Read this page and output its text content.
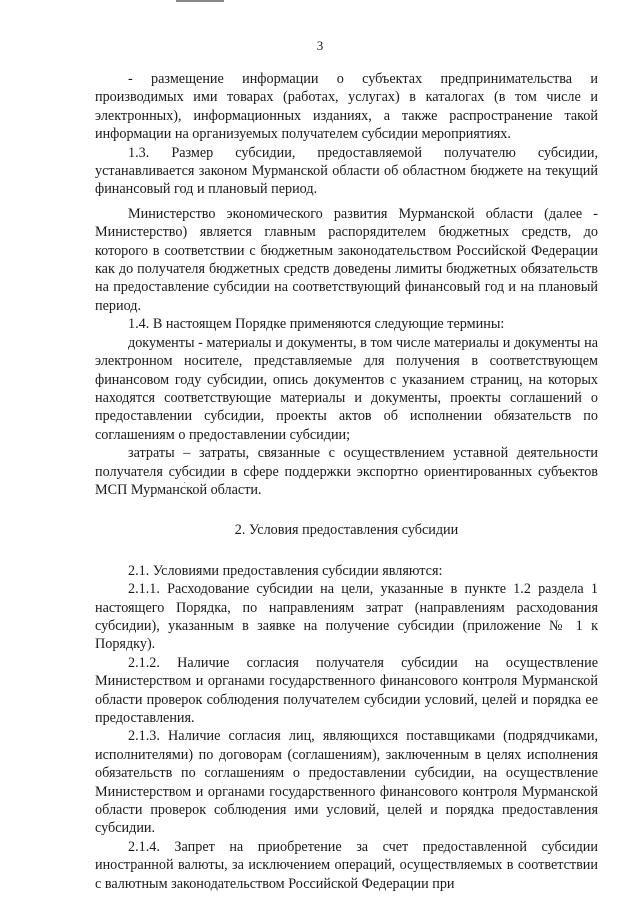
3

- размещение информации о субъектах предпринимательства и производимых ими товарах (работах, услугах) в каталогах (в том числе и электронных), информационных изданиях, а также распространение такой информации на организуемых получателем субсидии мероприятиях.

1.3. Размер субсидии, предоставляемой получателю субсидии, устанавливается законом Мурманской области об областном бюджете на текущий финансовый год и плановый период.

Министерство экономического развития Мурманской области (далее - Министерство) является главным распорядителем бюджетных средств, до которого в соответствии с бюджетным законодательством Российской Федерации как до получателя бюджетных средств доведены лимиты бюджетных обязательств на предоставление субсидии на соответствующий финансовый год и на плановый период.

1.4. В настоящем Порядке применяются следующие термины:

документы - материалы и документы, в том числе материалы и документы на электронном носителе, представляемые для получения в соответствующем финансовом году субсидии, опись документов с указанием страниц, на которых находятся соответствующие материалы и документы, проекты соглашений о предоставлении субсидии, проекты актов об исполнении обязательств по соглашениям о предоставлении субсидии;

затраты – затраты, связанные с осуществлением уставной деятельности получателя субсидии в сфере поддержки экспортно ориентированных субъектов МСП Мурманской области.

2. Условия предоставления субсидии

2.1. Условиями предоставления субсидии являются:

2.1.1. Расходование субсидии на цели, указанные в пункте 1.2 раздела 1 настоящего Порядка, по направлениям затрат (направлениям расходования субсидии), указанным в заявке на получение субсидии (приложение № 1 к Порядку).

2.1.2. Наличие согласия получателя субсидии на осуществление Министерством и органами государственного финансового контроля Мурманской области проверок соблюдения получателем субсидии условий, целей и порядка ее предоставления.

2.1.3. Наличие согласия лиц, являющихся поставщиками (подрядчиками, исполнителями) по договорам (соглашениям), заключенным в целях исполнения обязательств по соглашениям о предоставлении субсидии, на осуществление Министерством и органами государственного финансового контроля Мурманской области проверок соблюдения ими условий, целей и порядка предоставления субсидии.

2.1.4. Запрет на приобретение за счет предоставленной субсидии иностранной валюты, за исключением операций, осуществляемых в соответствии с валютным законодательством Российской Федерации при
